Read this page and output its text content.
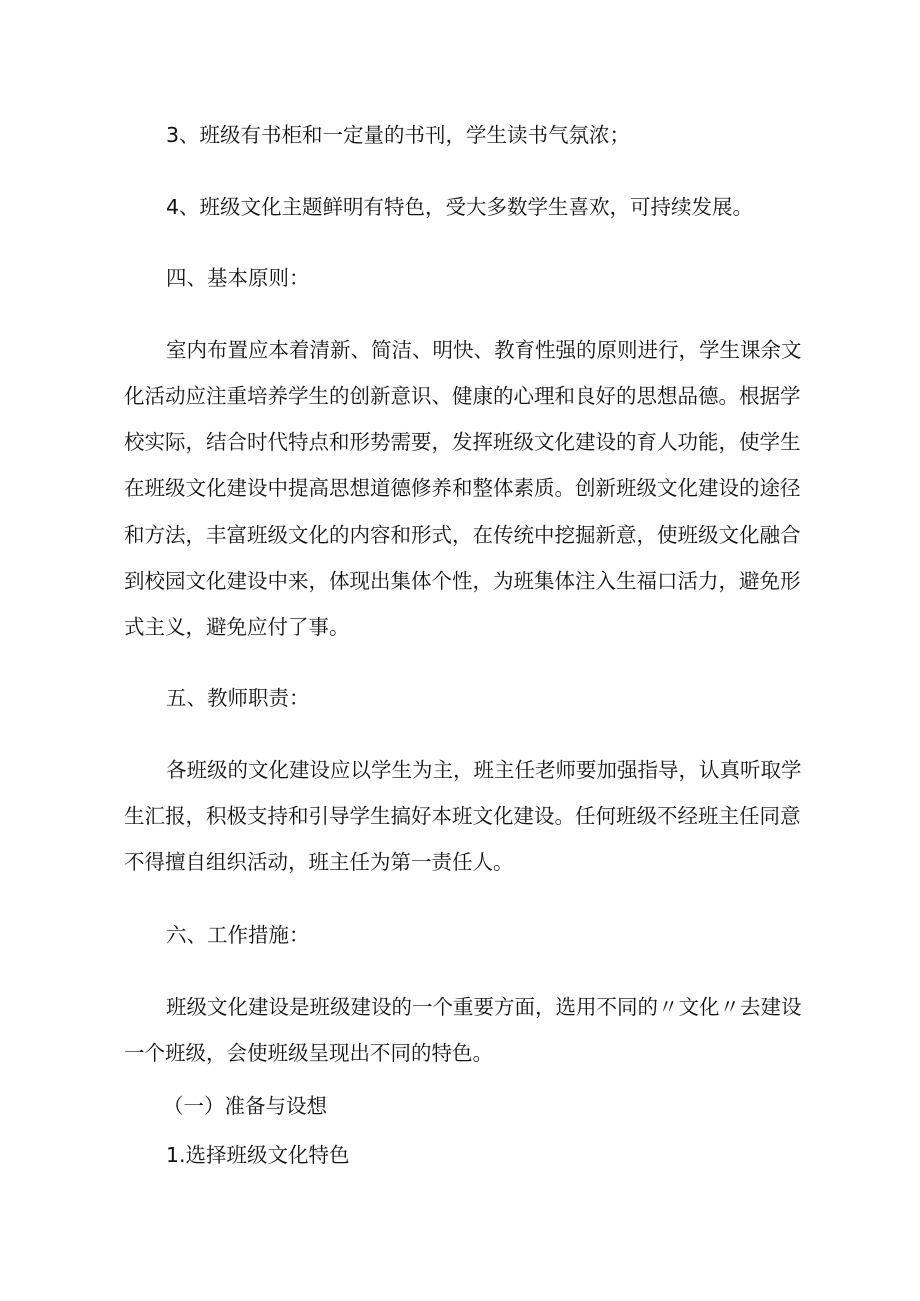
3、班级有书柜和一定量的书刊，学生读书气氛浓；
4、班级文化主题鲜明有特色，受大多数学生喜欢，可持续发展。
四、基本原则：
室内布置应本着清新、简洁、明快、教育性强的原则进行，学生课余文
化活动应注重培养学生的创新意识、健康的心理和良好的思想品德。根据学
校实际，结合时代特点和形势需要，发挥班级文化建设的育人功能，使学生
在班级文化建设中提高思想道德修养和整体素质。创新班级文化建设的途径
和方法，丰富班级文化的内容和形式，在传统中挖掘新意，使班级文化融合
到校园文化建设中来，体现出集体个性，为班集体注入生福口活力，避免形
式主义，避免应付了事。
五、教师职责：
各班级的文化建设应以学生为主，班主任老师要加强指导，认真听取学
生汇报，积极支持和引导学生搞好本班文化建设。任何班级不经班主任同意
不得擅自组织活动，班主任为第一责任人。
六、工作措施：
班级文化建设是班级建设的一个重要方面，选用不同的〃文化〃去建设
一个班级，会使班级呈现出不同的特色。
（一）准备与设想
1.选择班级文化特色
